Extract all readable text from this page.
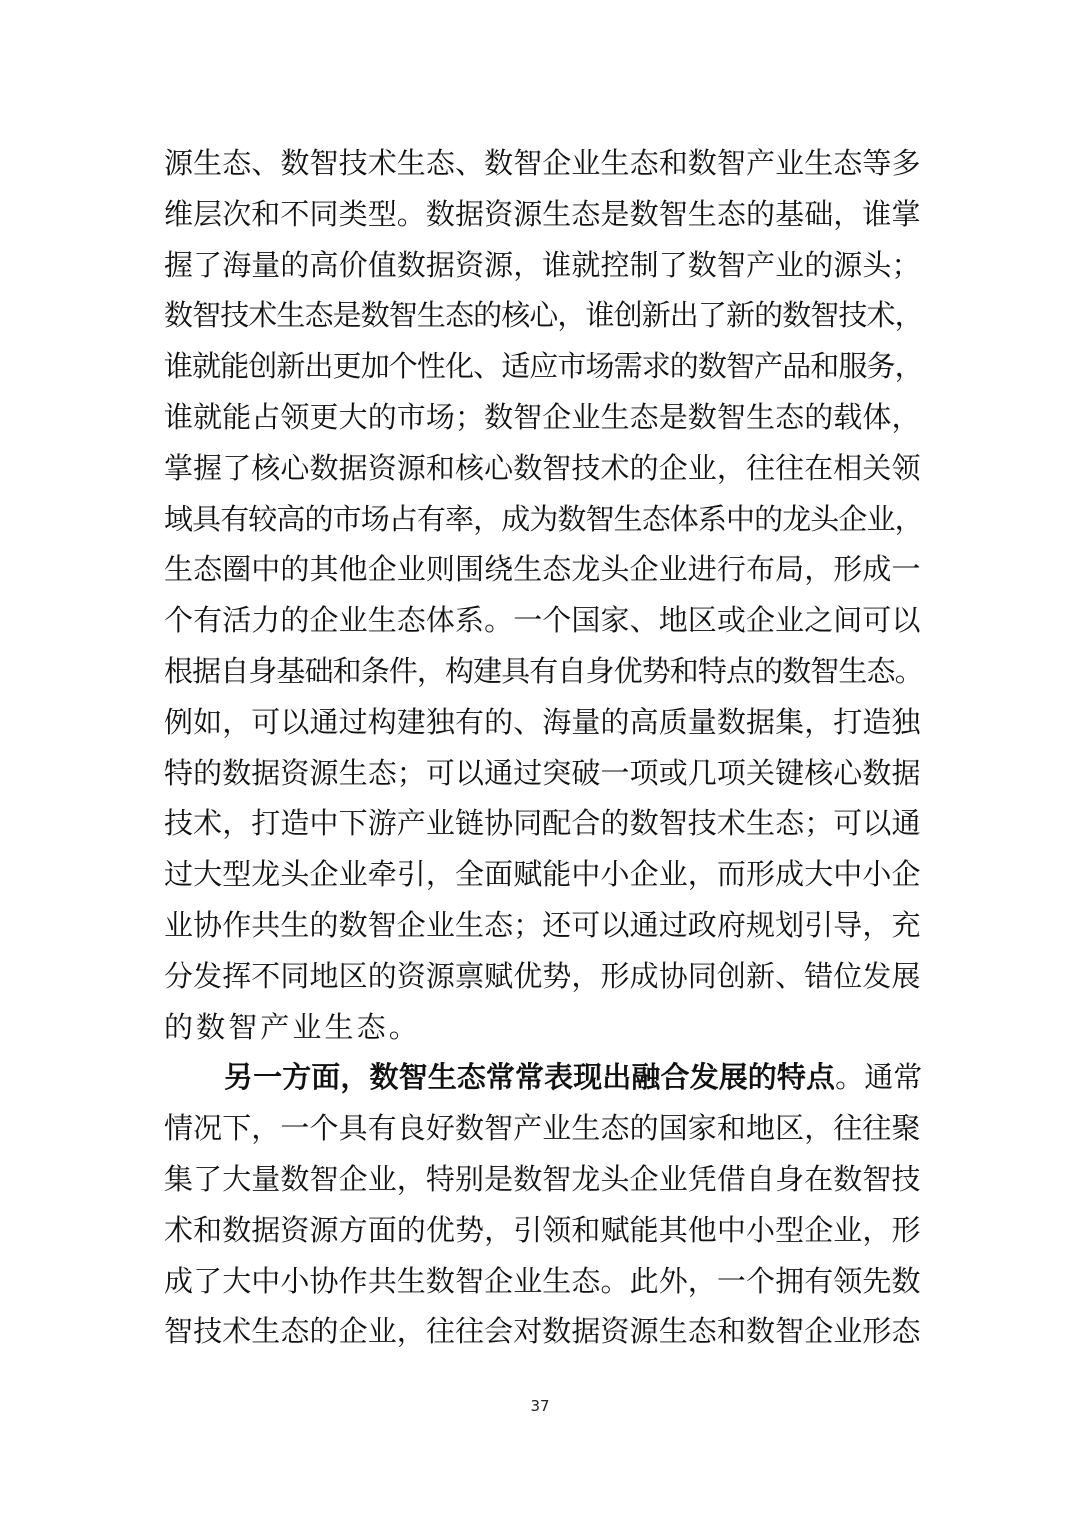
源生态、数智技术生态、数智企业生态和数智产业生态等多
维层次和不同类型。数据资源生态是数智生态的基础，谁掌
握了海量的高价值数据资源，谁就控制了数智产业的源头；
数智技术生态是数智生态的核心，谁创新出了新的数智技术，
谁就能创新出更加个性化、适应市场需求的数智产品和服务，
谁就能占领更大的市场；数智企业生态是数智生态的载体，
掌握了核心数据资源和核心数智技术的企业，往往在相关领
域具有较高的市场占有率，成为数智生态体系中的龙头企业，
生态圈中的其他企业则围绕生态龙头企业进行布局，形成一
个有活力的企业生态体系。一个国家、地区或企业之间可以
根据自身基础和条件，构建具有自身优势和特点的数智生态。
例如，可以通过构建独有的、海量的高质量数据集，打造独
特的数据资源生态；可以通过突破一项或几项关键核心数据
技术，打造中下游产业链协同配合的数智技术生态；可以通
过大型龙头企业牵引，全面赋能中小企业，而形成大中小企
业协作共生的数智企业生态；还可以通过政府规划引导，充
分发挥不同地区的资源禀赋优势，形成协同创新、错位发展
的数智产业生态。
另一方面，数智生态常常表现出融合发展的特点。通常
情况下，一个具有良好数智产业生态的国家和地区，往往聚
集了大量数智企业，特别是数智龙头企业凭借自身在数智技
术和数据资源方面的优势，引领和赋能其他中小型企业，形
成了大中小协作共生数智企业生态。此外，一个拥有领先数
智技术生态的企业，往往会对数据资源生态和数智企业形态
37
